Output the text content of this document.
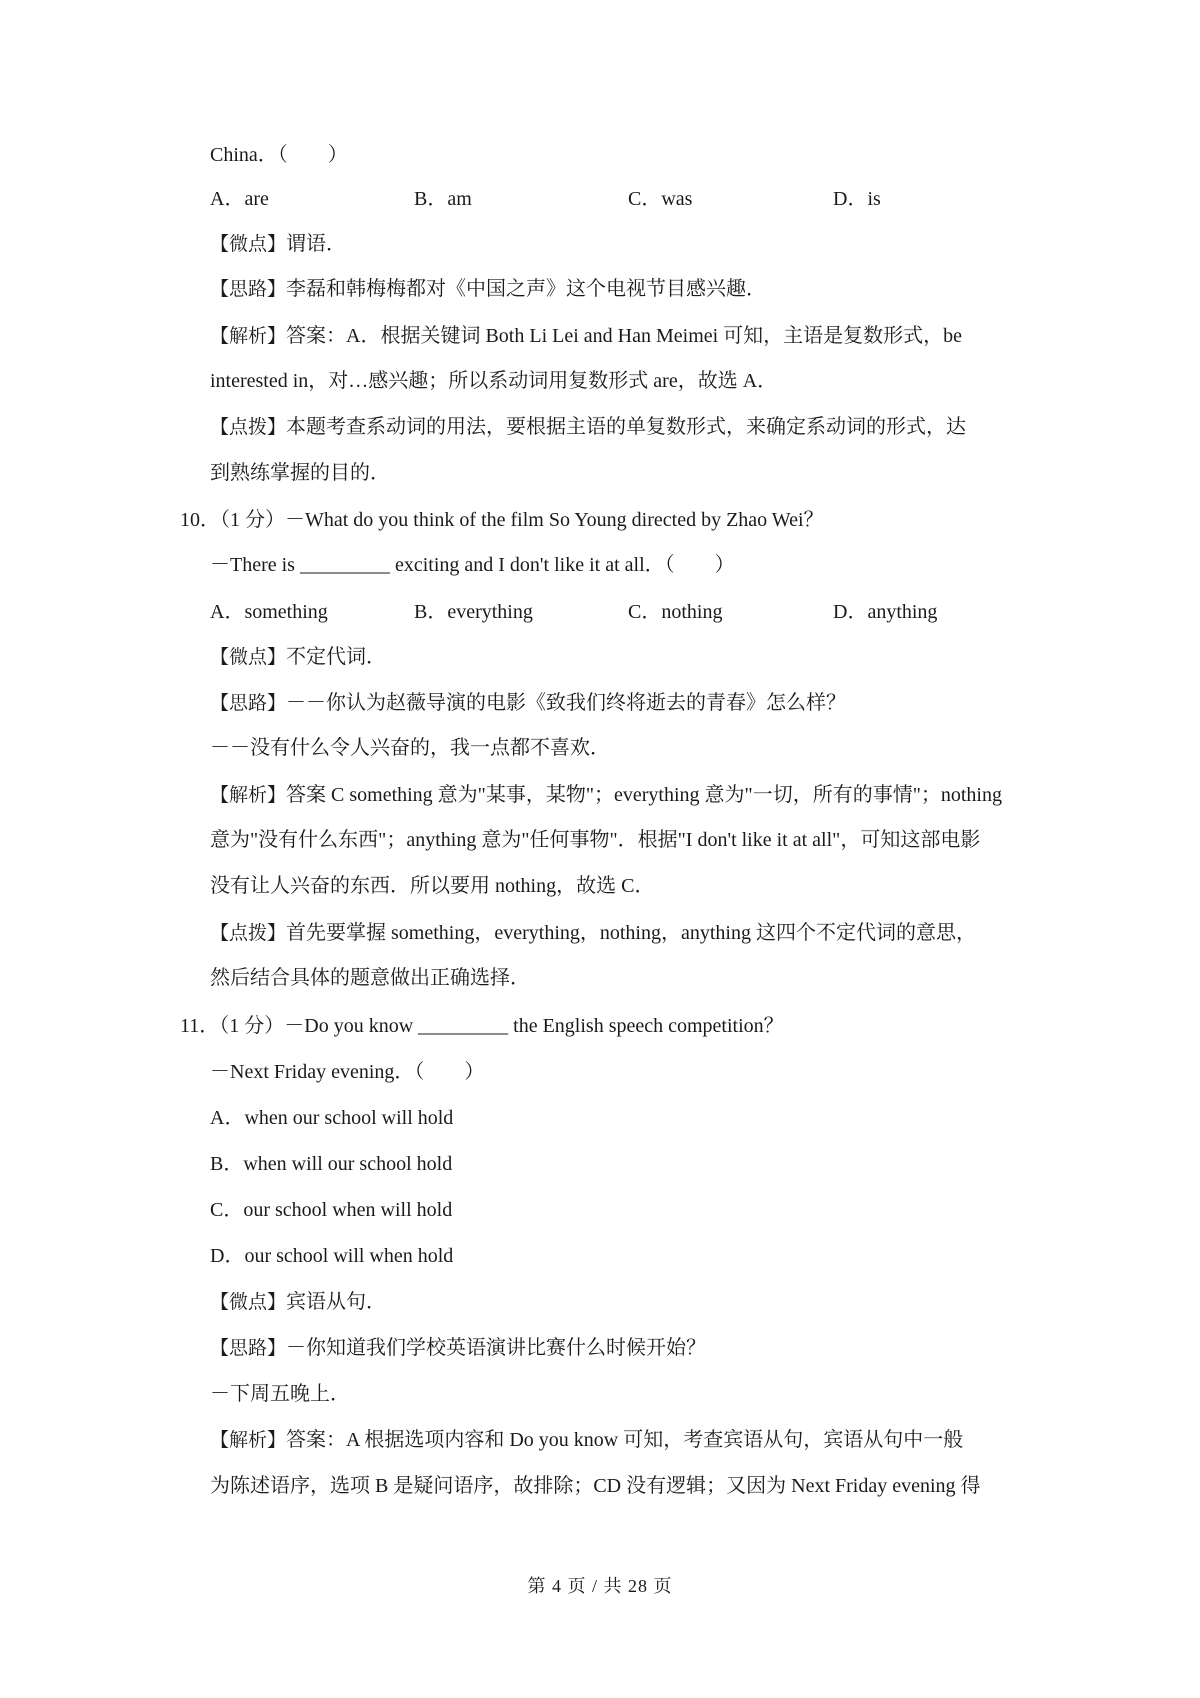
China．（　　）
A．are	B．am	C．was	D．is
【微点】谓语．
【思路】李磊和韩梅梅都对《中国之声》这个电视节目感兴趣．
【解析】答案：A．根据关键词 Both Li Lei and Han Meimei 可知，主语是复数形式，be
interested in，对…感兴趣；所以系动词用复数形式 are，故选 A．
【点拨】本题考查系动词的用法，要根据主语的单复数形式，来确定系动词的形式，达
到熟练掌握的目的．
10．（1 分）－What do you think of the film So Young directed by Zhao Wei？
－There is _________ exciting and I don't like it at all．（　　）
A．something	B．everything	C．nothing	D．anything
【微点】不定代词．
【思路】－－你认为赵薇导演的电影《致我们终将逝去的青春》怎么样？
－－没有什么令人兴奋的，我一点都不喜欢．
【解析】答案 C something 意为"某事，某物"；everything 意为"一切，所有的事情"；nothing
意为"没有什么东西"；anything 意为"任何事物"．根据"I don't like it at all"，可知这部电影
没有让人兴奋的东西．所以要用 nothing，故选 C．
【点拨】首先要掌握 something，everything，nothing，anything 这四个不定代词的意思，
然后结合具体的题意做出正确选择．
11．（1 分）－Do you know _________ the English speech competition？
－Next Friday evening．（　　）
A．when our school will hold
B．when will our school hold
C．our school when will hold
D．our school will when hold
【微点】宾语从句．
【思路】－你知道我们学校英语演讲比赛什么时候开始？
－下周五晚上．
【解析】答案：A 根据选项内容和 Do you know 可知，考查宾语从句，宾语从句中一般
为陈述语序，选项 B 是疑问语序，故排除；CD 没有逻辑；又因为 Next Friday evening 得
第 4 页 / 共 28 页
